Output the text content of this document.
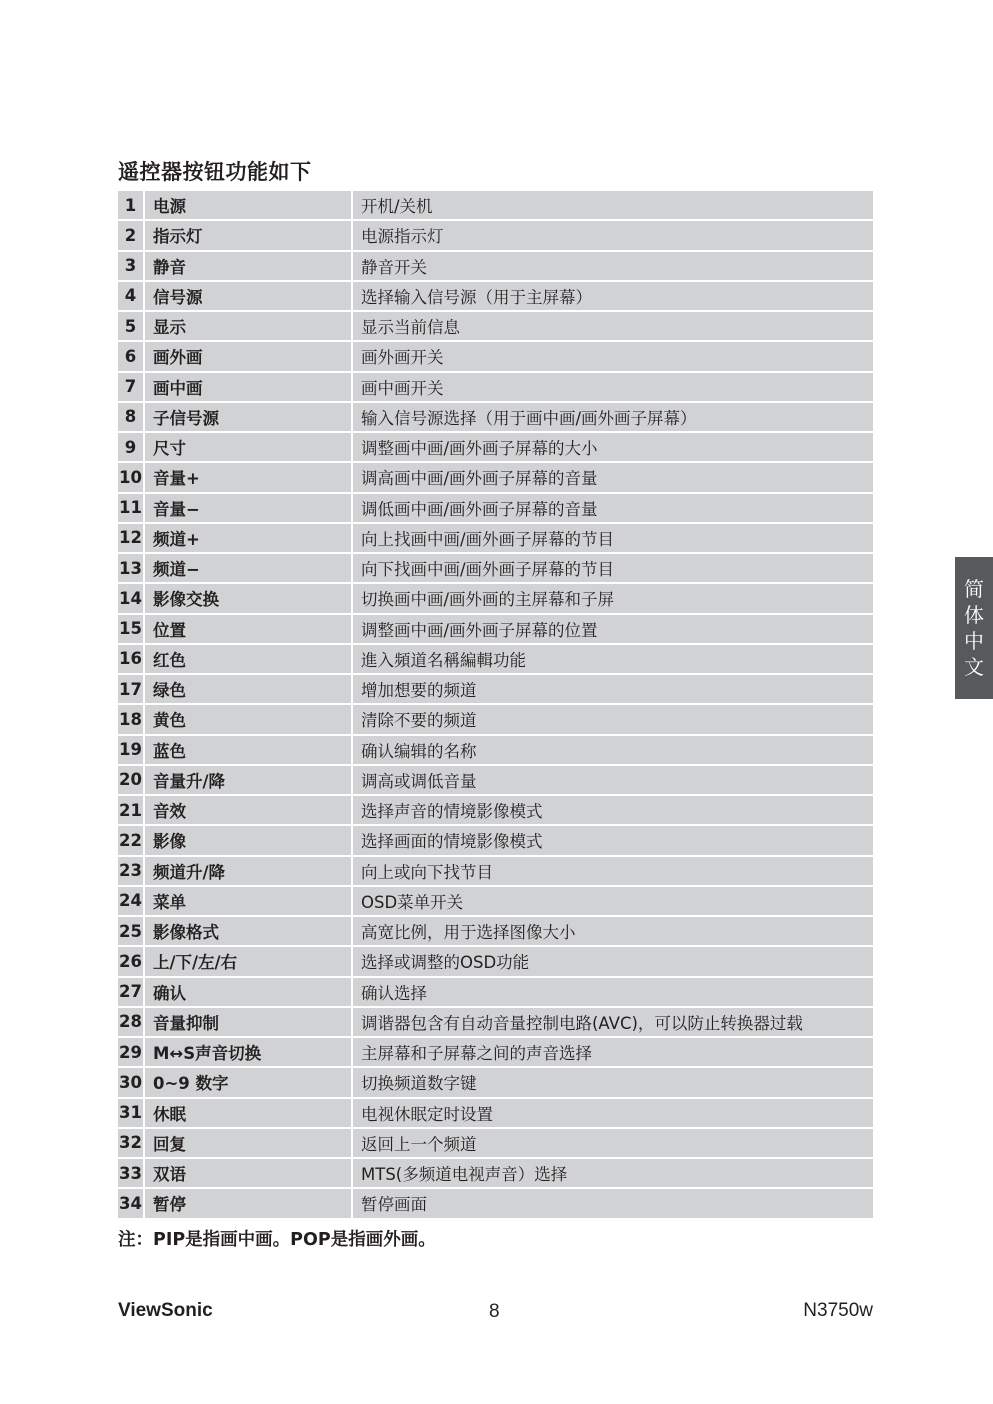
遥控器按钮功能如下
1	电源	开机/关机
2	指示灯	电源指示灯
3	静音	静音开关
4	信号源	选择输入信号源（用于主屏幕）
5	显示	显示当前信息
6	画外画	画外画开关
7	画中画	画中画开关
8	子信号源	输入信号源选择（用于画中画/画外画子屏幕）
9	尺寸	调整画中画/画外画子屏幕的大小
10 音量+	调高画中画/画外画子屏幕的音量
11 音量−	调低画中画/画外画子屏幕的音量
12 频道+	向上找画中画/画外画子屏幕的节目
13 频道−	向下找画中画/画外画子屏幕的节目
14 影像交换	切换画中画/画外画的主屏幕和子屏
15 位置	调整画中画/画外画子屏幕的位置
16 红色	進入頻道名稱編輯功能
17 绿色	增加想要的频道
18 黄色	清除不要的频道
19 蓝色	确认编辑的名称
20 音量升/降	调高或调低音量
21 音效	选择声音的情境影像模式
22 影像	选择画面的情境影像模式
23 频道升/降	向上或向下找节目
24 菜单	OSD菜单开关
25 影像格式	高宽比例，用于选择图像大小
26 上/下/左/右	选择或调整的OSD功能
27 确认	确认选择
28 音量抑制	调谐器包含有自动音量控制电路(AVC)，可以防止转换器过载
29 M↔S声音切换	主屏幕和子屏幕之间的声音选择
30 0~9 数字	切换频道数字键
31 休眠	电视休眠定时设置
32 回复	返回上一个频道
33 双语	MTS(多频道电视声音）选择
34 暂停	暂停画面
注：PIP是指画中画。POP是指画外画。
简
体
中
文
ViewSonic	8	N3750w
